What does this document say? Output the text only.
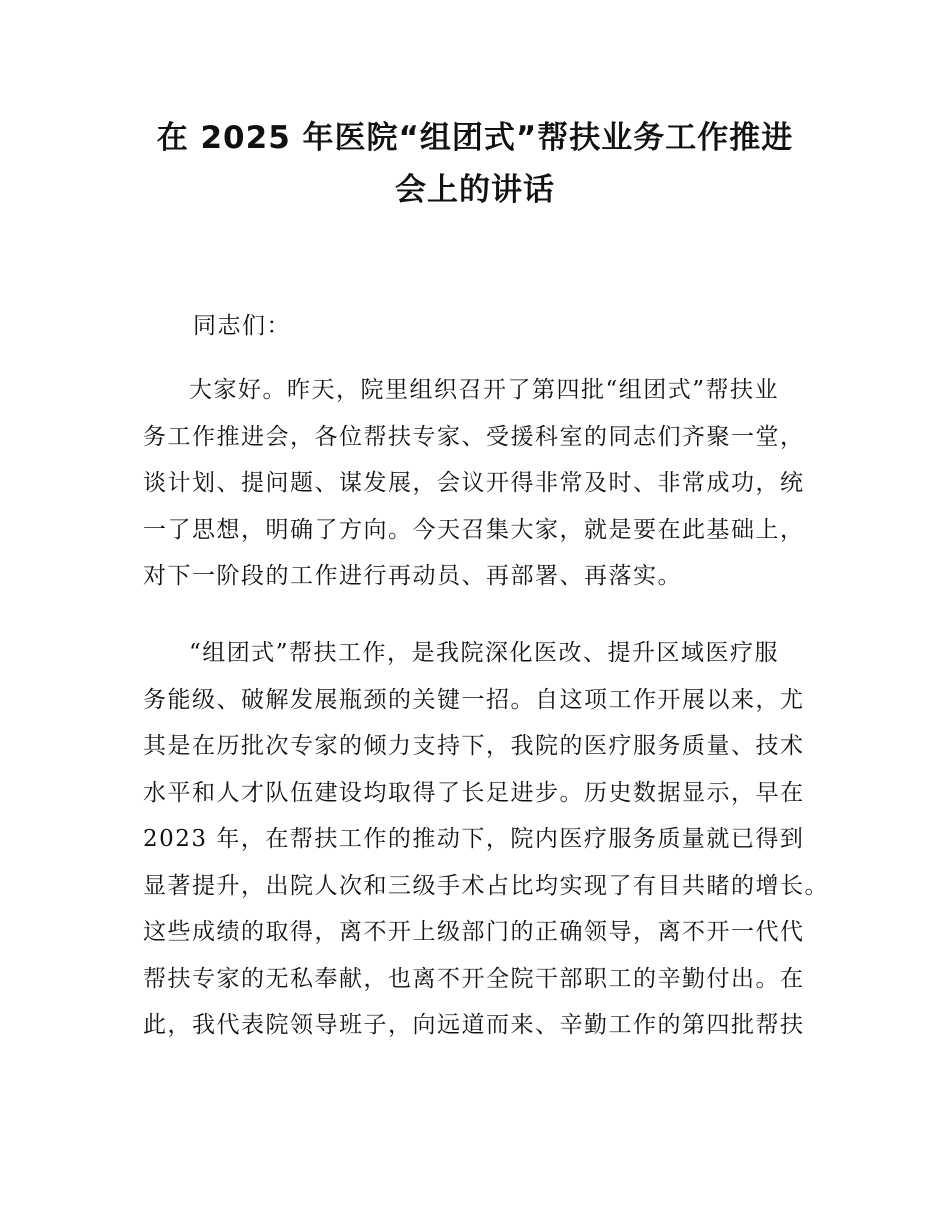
在 2025 年医院“组团式”帮扶业务工作推进
会上的讲话

同志们：

大家好。昨天，院里组织召开了第四批“组团式”帮扶业
务工作推进会，各位帮扶专家、受援科室的同志们齐聚一堂，
谈计划、提问题、谋发展，会议开得非常及时、非常成功，统
一了思想，明确了方向。今天召集大家，就是要在此基础上，
对下一阶段的工作进行再动员、再部署、再落实。
“组团式”帮扶工作，是我院深化医改、提升区域医疗服
务能级、破解发展瓶颈的关键一招。自这项工作开展以来，尤
其是在历批次专家的倾力支持下，我院的医疗服务质量、技术
水平和人才队伍建设均取得了长足进步。历史数据显示，早在
2023 年，在帮扶工作的推动下，院内医疗服务质量就已得到
显著提升，出院人次和三级手术占比均实现了有目共睹的增长。
这些成绩的取得，离不开上级部门的正确领导，离不开一代代
帮扶专家的无私奉献，也离不开全院干部职工的辛勤付出。在
此，我代表院领导班子，向远道而来、辛勤工作的第四批帮扶
